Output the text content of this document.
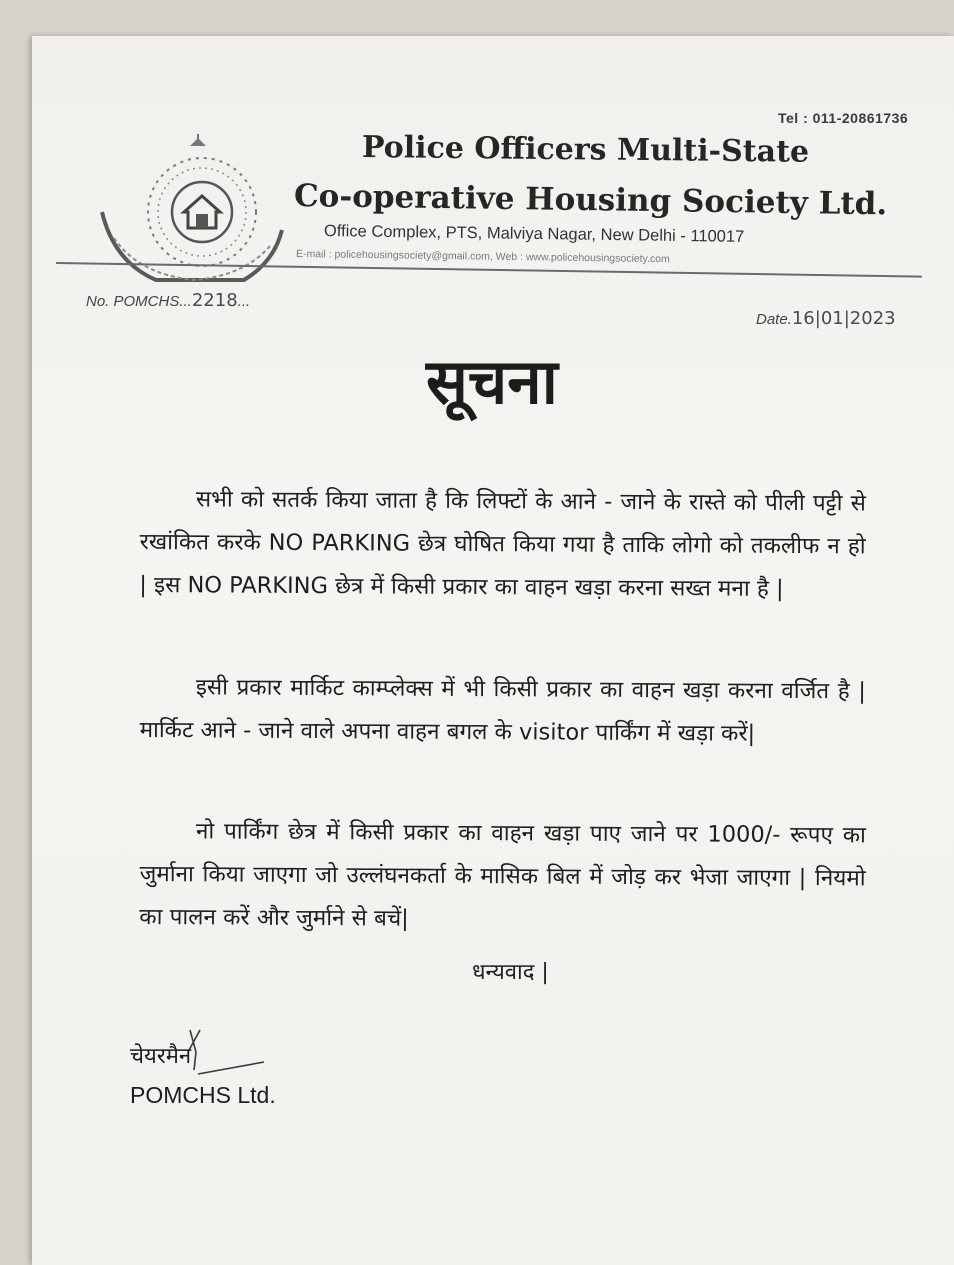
Tel : 011-20861736
Police Officers Multi-State
Co-operative Housing Society Ltd.
Office Complex, PTS, Malviya Nagar, New Delhi - 110017
E-mail : policehousingsociety@gmail.com, Web : www.policehousingsociety.com
No. POMCHS...2218...
Date.16|01|2023
सूचना
सभी को सतर्क किया जाता है कि लिफ्टों के आने - जाने के रास्ते को पीली पट्टी से रखांकित करके NO PARKING छेत्र घोषित किया गया है ताकि लोगो को तकलीफ न हो | इस NO PARKING छेत्र में किसी प्रकार का वाहन खड़ा करना सख्त मना है |
इसी प्रकार मार्किट काम्प्लेक्स में भी किसी प्रकार का वाहन खड़ा करना वर्जित है | मार्किट आने - जाने वाले अपना वाहन बगल के visitor पार्किंग में खड़ा करें|
नो पार्किंग छेत्र में किसी प्रकार का वाहन खड़ा पाए जाने पर 1000/- रूपए का जुर्माना किया जाएगा जो उल्लंघनकर्ता के मासिक बिल में जोड़ कर भेजा जाएगा | नियमो का पालन करें और जुर्माने से बचें|
धन्यवाद |
चेयरमैन
POMCHS Ltd.
